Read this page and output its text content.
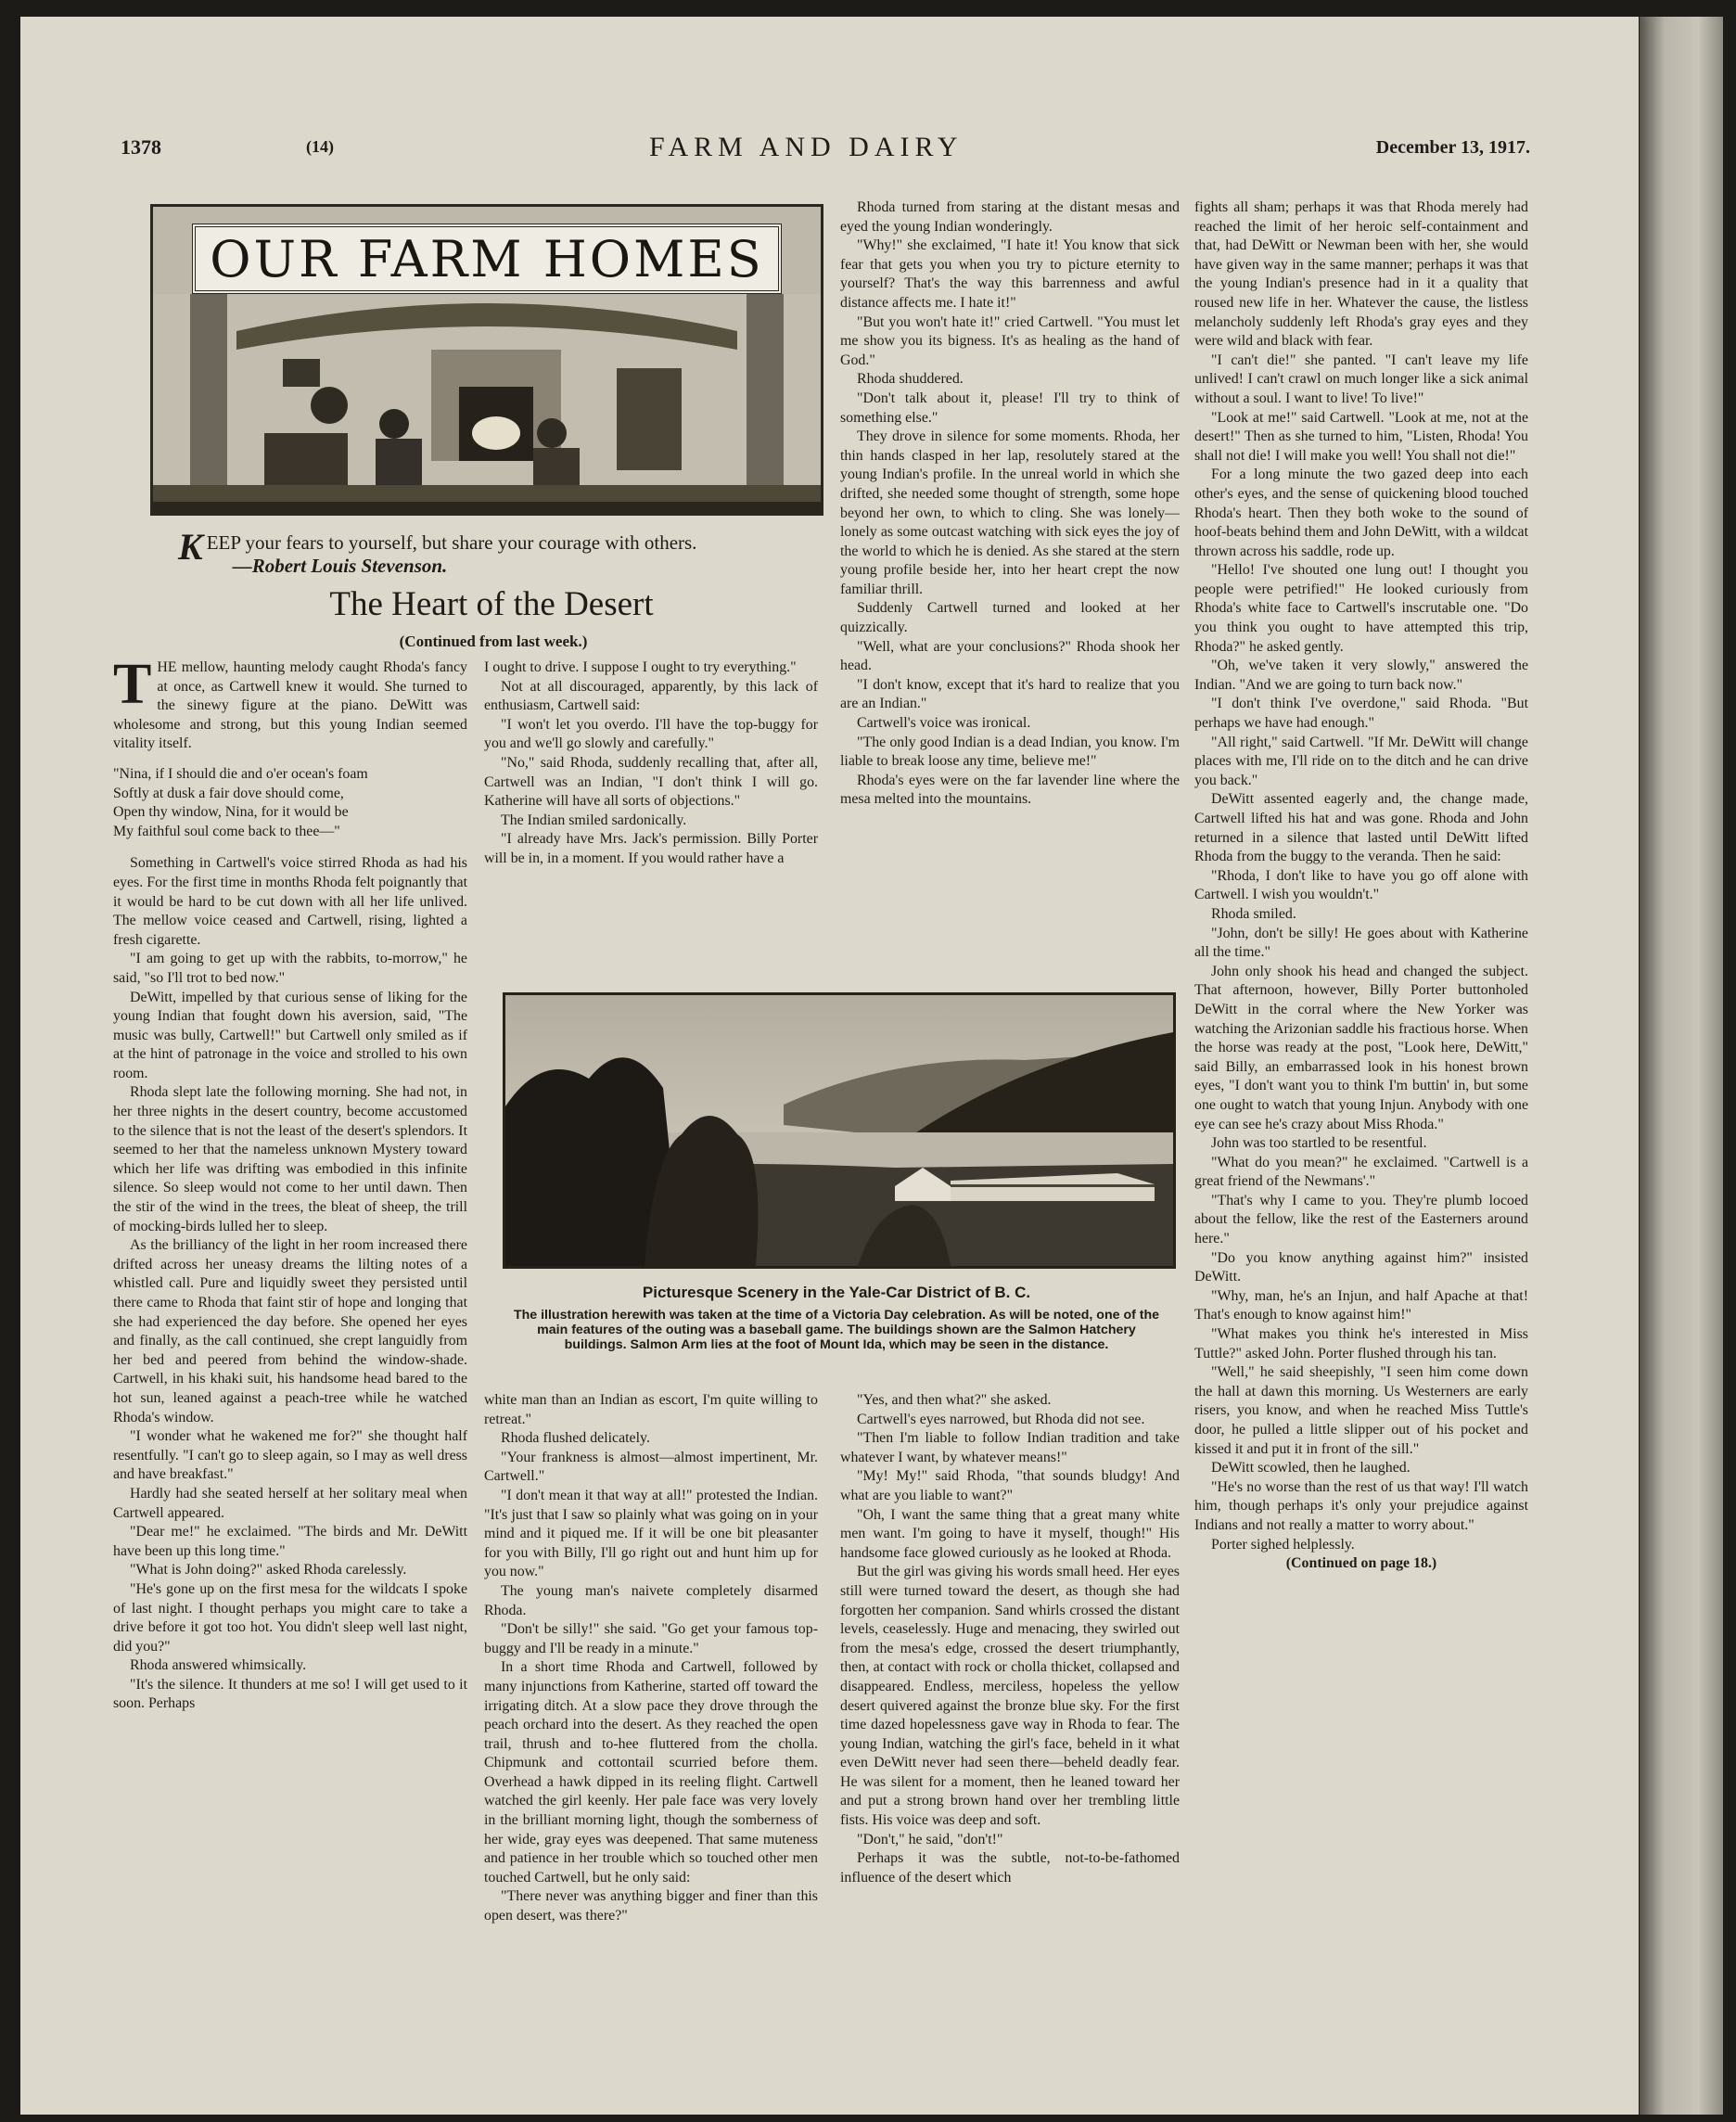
1378	(14)	FARM AND DAIRY	December 13, 1917.
OUR FARM HOMES
K EEP your fears to yourself, but share your courage with others.
—Robert Louis Stevenson.
The Heart of the Desert
(Continued from last week.)

THE mellow, haunting melody caught Rhoda's fancy at once, as Cartwell knew it would. She turned to the sinewy figure at the piano. DeWitt was wholesome and strong, but this young Indian seemed vitality itself.

"Nina, if I should die and o'er ocean's foam
Softly at dusk a fair dove should come,
Open thy window, Nina, for it would be
My faithful soul come back to thee—"

Something in Cartwell's voice stirred Rhoda as had his eyes. For the first time in months Rhoda felt poignantly that it would be hard to be cut down with all her life unlived. The mellow voice ceased and Cartwell, rising, lighted a fresh cigarette.

"I am going to get up with the rabbits, to-morrow," he said, "so I'll trot to bed now."

DeWitt, impelled by that curious sense of liking for the young Indian that fought down his aversion, said, "The music was bully, Cartwell!" but Cartwell only smiled as if at the hint of patronage in the voice and strolled to his own room.

Rhoda slept late the following morning. She had not, in her three nights in the desert country, become accustomed to the silence that is not the least of the desert's splendors. It seemed to her that the nameless unknown Mystery toward which her life was drifting was embodied in this infinite silence. So sleep would not come to her until dawn. Then the stir of the wind in the trees, the bleat of sheep, the trill of mocking-birds lulled her to sleep.

As the brilliancy of the light in her room increased there drifted across her uneasy dreams the lilting notes of a whistled call. Pure and liquidly sweet they persisted until there came to Rhoda that faint stir of hope and longing that she had experienced the day before. She opened her eyes and finally, as the call continued, she crept languidly from her bed and peered from behind the window-shade. Cartwell, in his khaki suit, his handsome head bared to the hot sun, leaned against a peach-tree while he watched Rhoda's window.

"I wonder what he wakened me for?" she thought half resentfully. "I can't go to sleep again, so I may as well dress and have breakfast."

Hardly had she seated herself at her solitary meal when Cartwell appeared.

"Dear me!" he exclaimed. "The birds and Mr. DeWitt have been up this long time."

"What is John doing?" asked Rhoda carelessly.

"He's gone up on the first mesa for the wildcats I spoke of last night. I thought perhaps you might care to take a drive before it got too hot. You didn't sleep well last night, did you?"

Rhoda answered whimsically.

"It's the silence. It thunders at me so! I will get used to it soon. Perhaps

I ought to drive. I suppose I ought to try everything."

Not at all discouraged, apparently, by this lack of enthusiasm, Cartwell said:

"I won't let you overdo. I'll have the top-buggy for you and we'll go slowly and carefully."

"No," said Rhoda, suddenly recalling that, after all, Cartwell was an Indian, "I don't think I will go. Katherine will have all sorts of objections."

The Indian smiled sardonically.

"I already have Mrs. Jack's permission. Billy Porter will be in, in a moment. If you would rather have a

Rhoda turned from staring at the distant mesas and eyed the young Indian wonderingly.

"Why!" she exclaimed, "I hate it! You know that sick fear that gets you when you try to picture eternity to yourself? That's the way this barrenness and awful distance affects me. I hate it!"

"But you won't hate it!" cried Cartwell. "You must let me show you its bigness. It's as healing as the hand of God."

Rhoda shuddered.

"Don't talk about it, please! I'll try to think of something else."

They drove in silence for some moments. Rhoda, her thin hands clasped in her lap, resolutely stared at the young Indian's profile. In the unreal world in which she drifted, she needed some thought of strength, some hope beyond her own, to which to cling. She was lonely—lonely as some outcast watching with sick eyes the joy of the world to which he is denied. As she stared at the stern young profile beside her, into her heart crept the now familiar thrill.

Suddenly Cartwell turned and looked at her quizzically.

"Well, what are your conclusions?" Rhoda shook her head.

"I don't know, except that it's hard to realize that you are an Indian."

Cartwell's voice was ironical.

"The only good Indian is a dead Indian, you know. I'm liable to break loose any time, believe me!"

Rhoda's eyes were on the far lavender line where the mesa melted into the mountains.

fights all sham; perhaps it was that Rhoda merely had reached the limit of her heroic self-containment and that, had DeWitt or Newman been with her, she would have given way in the same manner; perhaps it was that the young Indian's presence had in it a quality that roused new life in her. Whatever the cause, the listless melancholy suddenly left Rhoda's gray eyes and they were wild and black with fear.

"I can't die!" she panted. "I can't leave my life unlived! I can't crawl on much longer like a sick animal without a soul. I want to live! To live!"

"Look at me!" said Cartwell. "Look at me, not at the desert!" Then as she turned to him, "Listen, Rhoda! You shall not die! I will make you well! You shall not die!"

For a long minute the two gazed deep into each other's eyes, and the sense of quickening blood touched Rhoda's heart. Then they both woke to the sound of hoof-beats behind them and John DeWitt, with a wildcat thrown across his saddle, rode up.

"Hello! I've shouted one lung out! I thought you people were petrified!" He looked curiously from Rhoda's white face to Cartwell's inscrutable one. "Do you think you ought to have attempted this trip, Rhoda?" he asked gently.

"Oh, we've taken it very slowly," answered the Indian. "And we are going to turn back now."

"I don't think I've overdone," said Rhoda. "But perhaps we have had enough."

"All right," said Cartwell. "If Mr. DeWitt will change places with me, I'll ride on to the ditch and he can drive you back."

DeWitt assented eagerly and, the change made, Cartwell lifted his hat and was gone. Rhoda and John returned in a silence that lasted until DeWitt lifted Rhoda from the buggy to the veranda. Then he said:

"Rhoda, I don't like to have you go off alone with Cartwell. I wish you wouldn't."

Rhoda smiled.

"John, don't be silly! He goes about with Katherine all the time."

John only shook his head and changed the subject. That afternoon, however, Billy Porter buttonholed DeWitt in the corral where the New Yorker was watching the Arizonian saddle his fractious horse. When the horse was ready at the post, "Look here, DeWitt," said Billy, an embarrassed look in his honest brown eyes, "I don't want you to think I'm buttin' in, but some one ought to watch that young Injun. Anybody with one eye can see he's crazy about Miss Rhoda."

John was too startled to be resentful.

"What do you mean?" he exclaimed. "Cartwell is a great friend of the Newmans'."

"That's why I came to you. They're plumb locoed about the fellow, like the rest of the Easterners around here."

"Do you know anything against him?" insisted DeWitt.

"Why, man, he's an Injun, and half Apache at that! That's enough to know against him!"

"What makes you think he's interested in Miss Tuttle?" asked John. Porter flushed through his tan.

"Well," he said sheepishly, "I seen him come down the hall at dawn this morning. Us Westerners are early risers, you know, and when he reached Miss Tuttle's door, he pulled a little slipper out of his pocket and kissed it and put it in front of the sill."

DeWitt scowled, then he laughed.

"He's no worse than the rest of us that way! I'll watch him, though perhaps it's only your prejudice against Indians and not really a matter to worry about."

Porter sighed helplessly.

(Continued on page 18.)

Picturesque Scenery in the Yale-Car District of B. C.
The illustration herewith was taken at the time of a Victoria Day celebration. As will be noted, one of the main features of the outing was a baseball game. The buildings shown are the Salmon Hatchery buildings. Salmon Arm lies at the foot of Mount Ida, which may be seen in the distance.

white man than an Indian as escort, I'm quite willing to retreat."

Rhoda flushed delicately.

"Your frankness is almost—almost impertinent, Mr. Cartwell."

"I don't mean it that way at all!" protested the Indian. "It's just that I saw so plainly what was going on in your mind and it piqued me. If it will be one bit pleasanter for you with Billy, I'll go right out and hunt him up for you now."

The young man's naivete completely disarmed Rhoda.

"Don't be silly!" she said. "Go get your famous top-buggy and I'll be ready in a minute."

In a short time Rhoda and Cartwell, followed by many injunctions from Katherine, started off toward the irrigating ditch. At a slow pace they drove through the peach orchard into the desert. As they reached the open trail, thrush and to-hee fluttered from the cholla. Chipmunk and cottontail scurried before them. Overhead a hawk dipped in its reeling flight. Cartwell watched the girl keenly. Her pale face was very lovely in the brilliant morning light, though the somberness of her wide, gray eyes was deepened. That same muteness and patience in her trouble which so touched other men touched Cartwell, but he only said:

"There never was anything bigger and finer than this open desert, was there?"

"Yes, and then what?" she asked.

Cartwell's eyes narrowed, but Rhoda did not see.

"Then I'm liable to follow Indian tradition and take whatever I want, by whatever means!"

"My! My!" said Rhoda, "that sounds bludgy! And what are you liable to want?"

"Oh, I want the same thing that a great many white men want. I'm going to have it myself, though!" His handsome face glowed curiously as he looked at Rhoda.

But the girl was giving his words small heed. Her eyes still were turned toward the desert, as though she had forgotten her companion. Sand whirls crossed the distant levels, ceaselessly. Huge and menacing, they swirled out from the mesa's edge, crossed the desert triumphantly, then, at contact with rock or cholla thicket, collapsed and disappeared. Endless, merciless, hopeless the yellow desert quivered against the bronze blue sky. For the first time dazed hopelessness gave way in Rhoda to fear. The young Indian, watching the girl's face, beheld in it what even DeWitt never had seen there—beheld deadly fear. He was silent for a moment, then he leaned toward her and put a strong brown hand over her trembling little fists. His voice was deep and soft.

"Don't," he said, "don't!"

Perhaps it was the subtle, not-to-be-fathomed influence of the desert which
